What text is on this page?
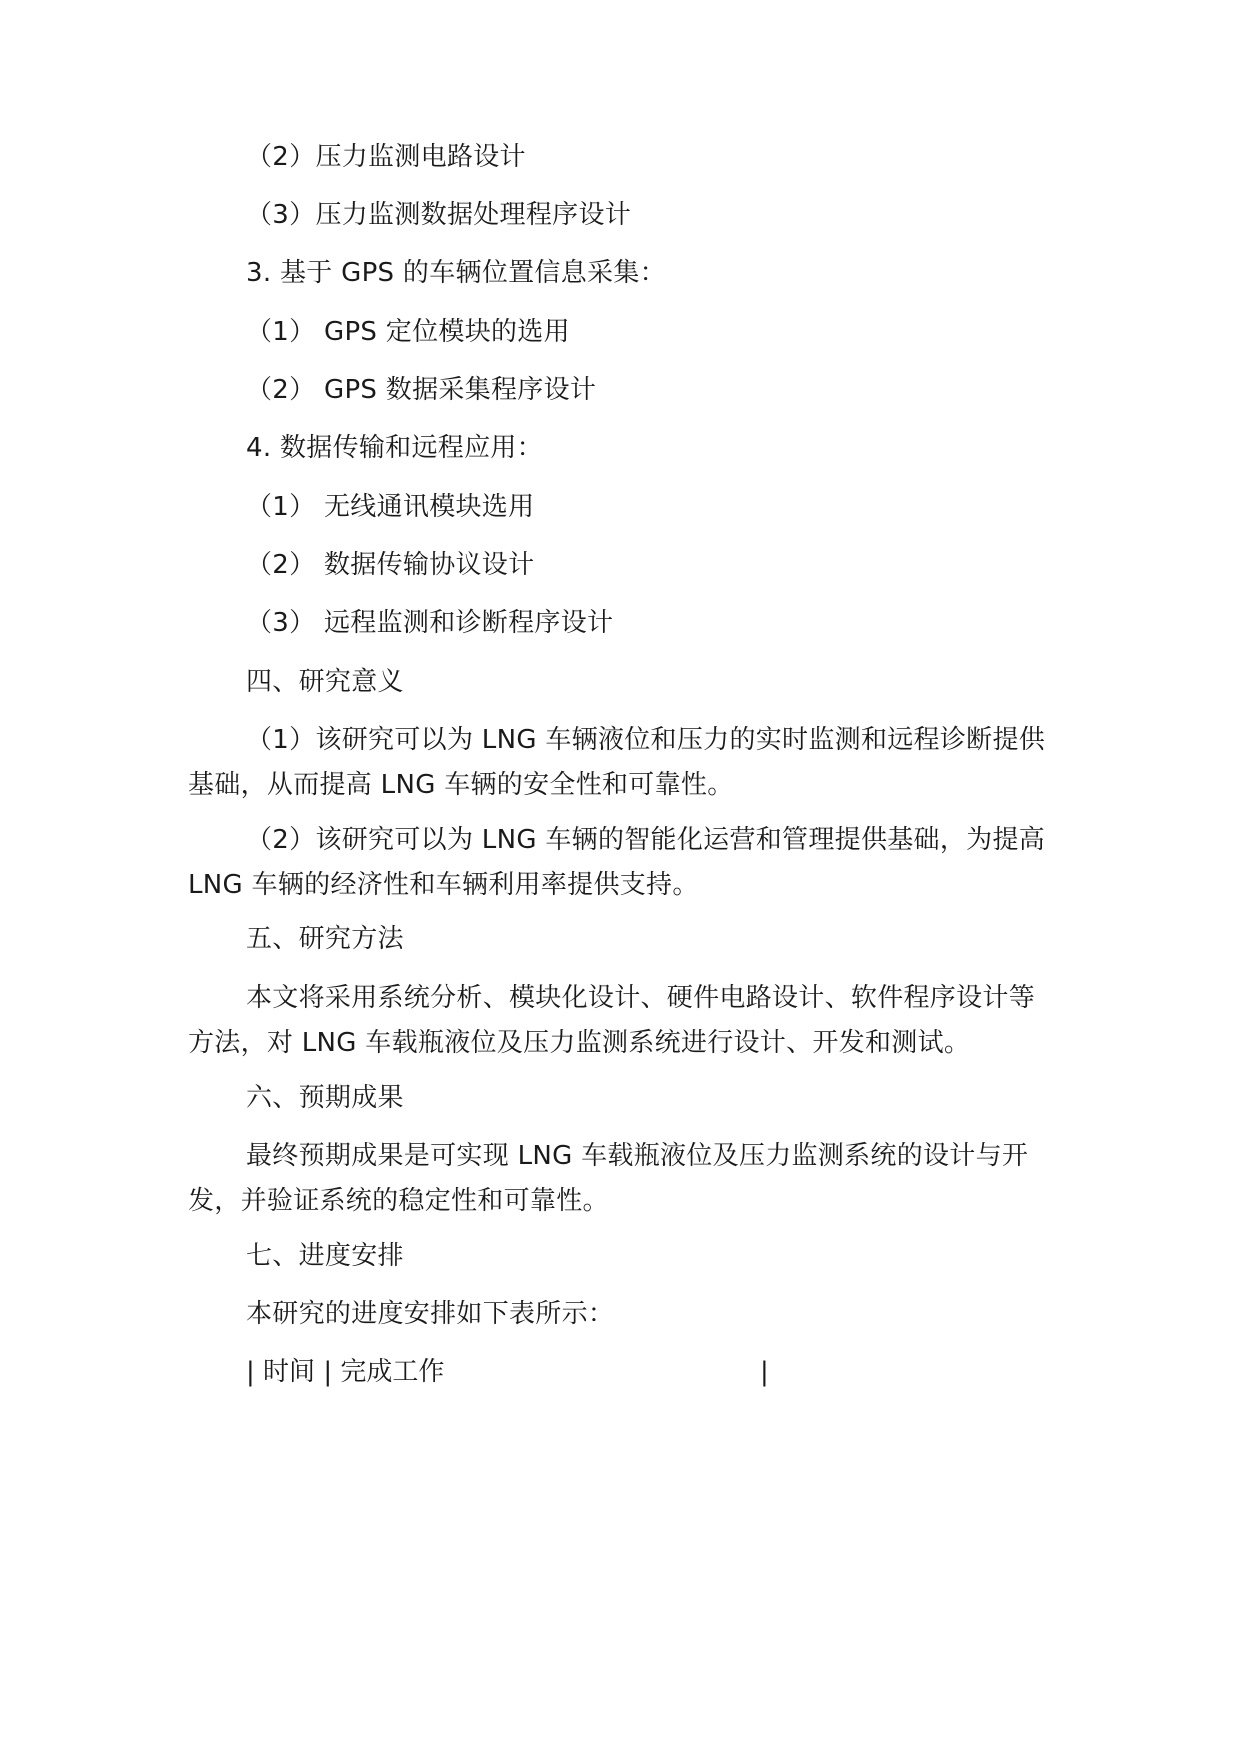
（2）压力监测电路设计

（3）压力监测数据处理程序设计

3. 基于 GPS 的车辆位置信息采集：

（1） GPS 定位模块的选用

（2） GPS 数据采集程序设计

4. 数据传输和远程应用：

（1） 无线通讯模块选用

（2） 数据传输协议设计

（3） 远程监测和诊断程序设计

四、研究意义

（1）该研究可以为 LNG 车辆液位和压力的实时监测和远程诊断提供基础，从而提高 LNG 车辆的安全性和可靠性。

（2）该研究可以为 LNG 车辆的智能化运营和管理提供基础，为提高 LNG 车辆的经济性和车辆利用率提供支持。

五、研究方法

本文将采用系统分析、模块化设计、硬件电路设计、软件程序设计等方法，对 LNG 车载瓶液位及压力监测系统进行设计、开发和测试。

六、预期成果

最终预期成果是可实现 LNG 车载瓶液位及压力监测系统的设计与开发，并验证系统的稳定性和可靠性。

七、进度安排

本研究的进度安排如下表所示：

| 时间 | 完成工作	|
